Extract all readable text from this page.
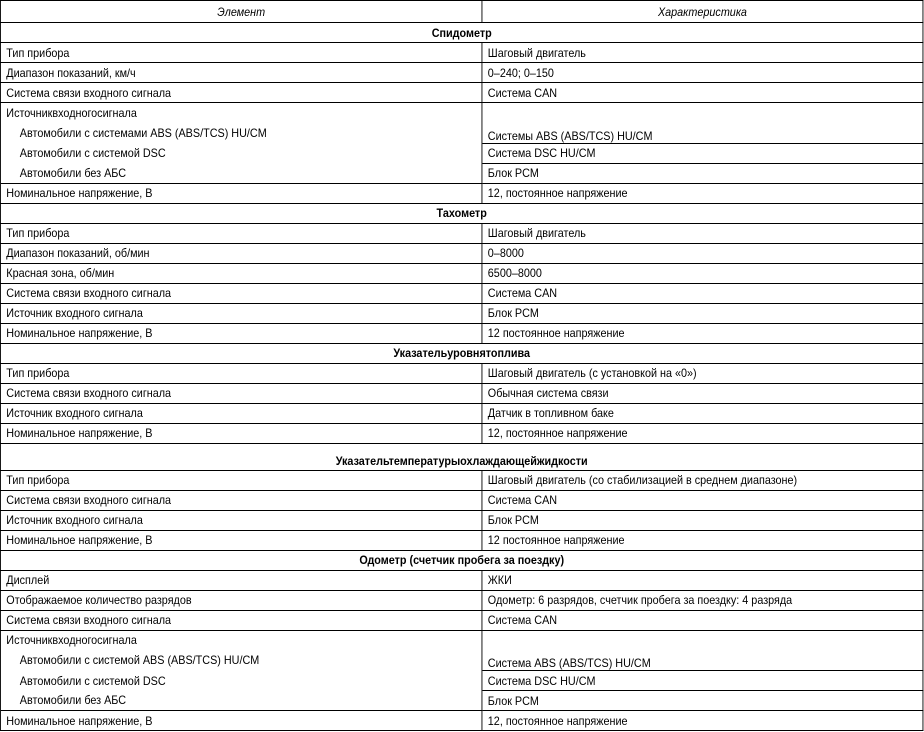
Элемент	Характеристика
Спидометр	
Тип прибора	Шаговый двигатель
Диапазон показаний, км/ч	0–240; 0–150
Система связи входного сигнала	Система CAN
Источниквходногосигнала	
Автомобили с системами ABS (ABS/TCS) HU/CM	Системы ABS (ABS/TCS) HU/CM
Автомобили с системой DSC	Система DSC HU/CM
Автомобили без АБС	Блок PCM
Номинальное напряжение, В	12, постоянное напряжение
Тахометр	
Тип прибора	Шаговый двигатель
Диапазон показаний, об/мин	0–8000
Красная зона, об/мин	6500–8000
Система связи входного сигнала	Система CAN
Источник входного сигнала	Блок PCM
Номинальное напряжение, В	12 постоянное напряжение
Указательуровнятоплива	
Тип прибора	Шаговый двигатель (с установкой на «0»)
Система связи входного сигнала	Обычная система связи
Источник входного сигнала	Датчик в топливном баке
Номинальное напряжение, В	12, постоянное напряжение
Указательтемпературыохлаждающейжидкости	
Тип прибора	Шаговый двигатель (со стабилизацией в среднем диапазоне)
Система связи входного сигнала	Система CAN
Источник входного сигнала	Блок PCM
Номинальное напряжение, В	12 постоянное напряжение
Одометр (счетчик пробега за поездку)	
Дисплей	ЖКИ
Отображаемое количество разрядов	Одометр: 6 разрядов, счетчик пробега за поездку: 4 разряда
Система связи входного сигнала	Система CAN
Источниквходногосигнала	
Автомобили с системой ABS (ABS/TCS) HU/CM	Система ABS (ABS/TCS) HU/CM
Автомобили с системой DSC	Система DSC HU/CM
Автомобили без АБС	Блок PCM
Номинальное напряжение, В	12, постоянное напряжение
